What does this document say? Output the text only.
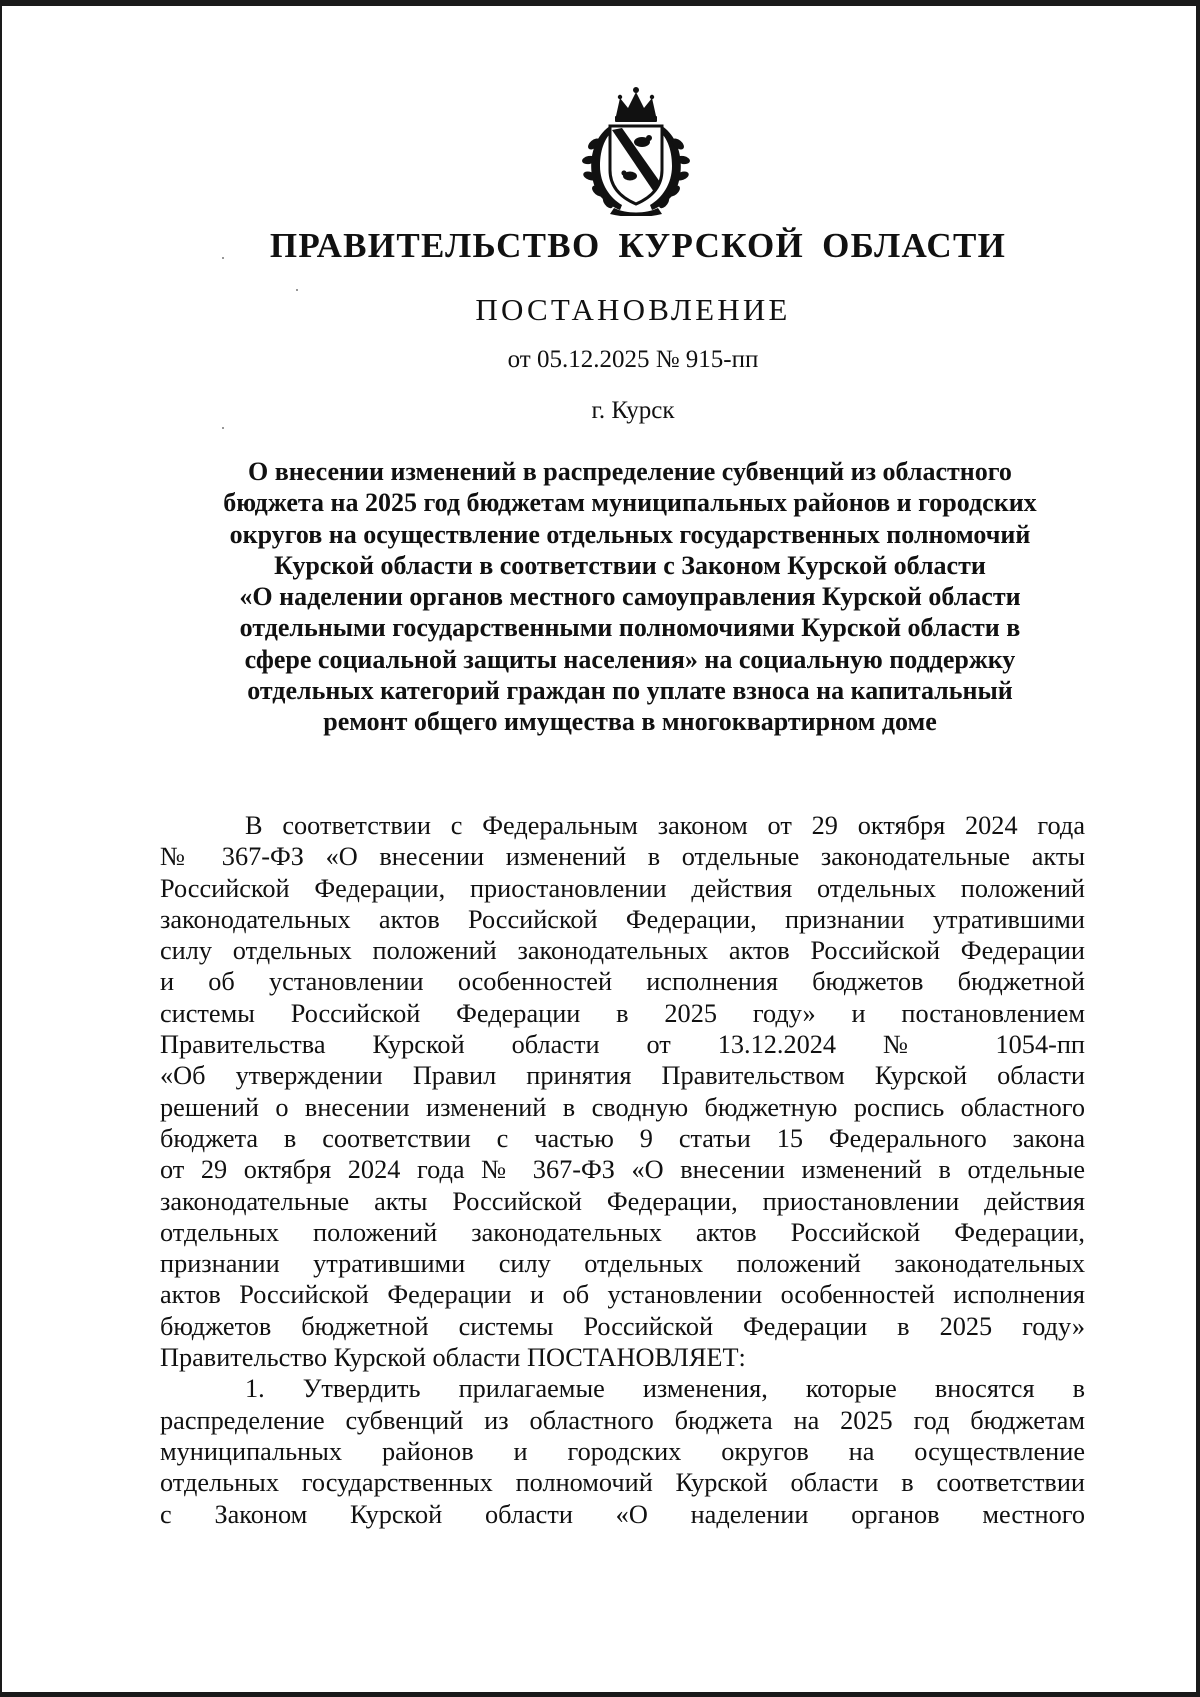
ПРАВИТЕЛЬСТВО КУРСКОЙ ОБЛАСТИ
ПОСТАНОВЛЕНИЕ
от 05.12.2025 № 915-пп
г. Курск
О внесении изменений в распределение субвенций из областного
бюджета на 2025 год бюджетам муниципальных районов и городских
округов на осуществление отдельных государственных полномочий
Курской области в соответствии с Законом Курской области
«О наделении органов местного самоуправления Курской области
отдельными государственными полномочиями Курской области в
сфере социальной защиты населения» на социальную поддержку
отдельных категорий граждан по уплате взноса на капитальный
ремонт общего имущества в многоквартирном доме
В соответствии с Федеральным законом от 29 октября 2024 года
№ 367-ФЗ «О внесении изменений в отдельные законодательные акты
Российской Федерации, приостановлении действия отдельных положений
законодательных актов Российской Федерации, признании утратившими
силу отдельных положений законодательных актов Российской Федерации
и об установлении особенностей исполнения бюджетов бюджетной
системы Российской Федерации в 2025 году» и постановлением
Правительства Курской области от 13.12.2024 № 1054-пп
«Об утверждении Правил принятия Правительством Курской области
решений о внесении изменений в сводную бюджетную роспись областного
бюджета в соответствии с частью 9 статьи 15 Федерального закона
от 29 октября 2024 года № 367-ФЗ «О внесении изменений в отдельные
законодательные акты Российской Федерации, приостановлении действия
отдельных положений законодательных актов Российской Федерации,
признании утратившими силу отдельных положений законодательных
актов Российской Федерации и об установлении особенностей исполнения
бюджетов бюджетной системы Российской Федерации в 2025 году»
Правительство Курской области ПОСТАНОВЛЯЕТ:
1. Утвердить прилагаемые изменения, которые вносятся в
распределение субвенций из областного бюджета на 2025 год бюджетам
муниципальных районов и городских округов на осуществление
отдельных государственных полномочий Курской области в соответствии
с Законом Курской области «О наделении органов местного
